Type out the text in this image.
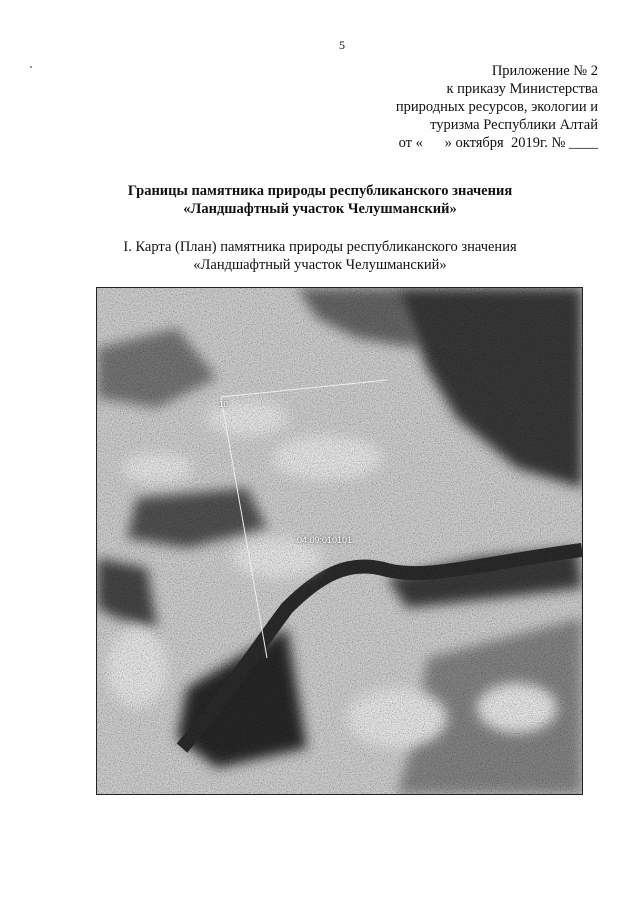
5
Приложение № 2
к приказу Министерства
природных ресурсов, экологии и
туризма Республики Алтай
от «      » октября  2019г. № ____
Границы памятника природы республиканского значения
«Ландшафтный участок Челушманский»
I. Карта (План) памятника природы республиканского значения
«Ландшафтный участок Челушманский»
10
04:09:010101
